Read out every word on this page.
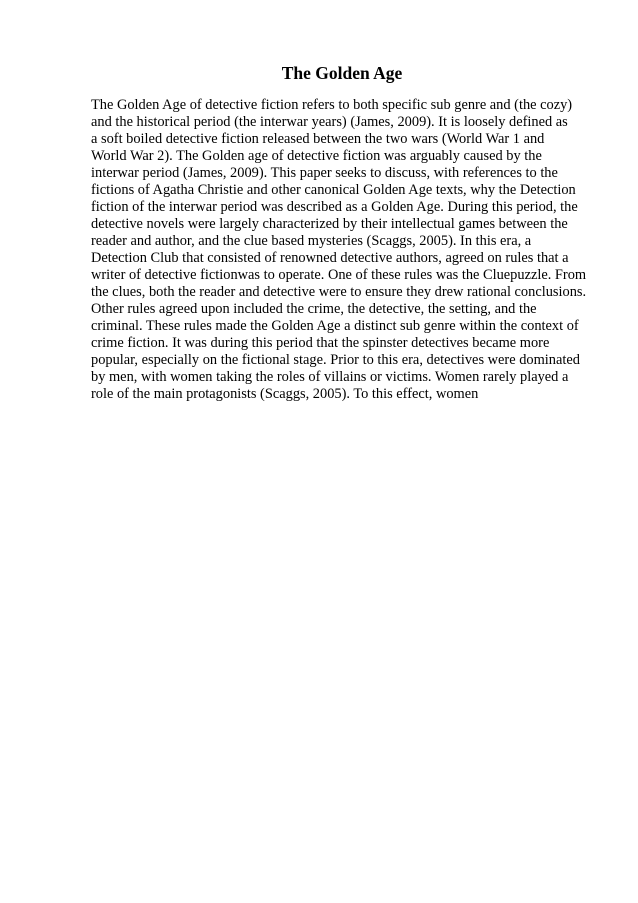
The Golden Age

The Golden Age of detective fiction refers to both specific sub genre and (the cozy)
and the historical period (the interwar years) (James, 2009). It is loosely defined as
a soft boiled detective fiction released between the two wars (World War 1 and
World War 2). The Golden age of detective fiction was arguably caused by the
interwar period (James, 2009). This paper seeks to discuss, with references to the
fictions of Agatha Christie and other canonical Golden Age texts, why the Detection
fiction of the interwar period was described as a Golden Age. During this period, the
detective novels were largely characterized by their intellectual games between the
reader and author, and the clue based mysteries (Scaggs, 2005). In this era, a
Detection Club that consisted of renowned detective authors, agreed on rules that a
writer of detective fictionwas to operate. One of these rules was the Cluepuzzle. From
the clues, both the reader and detective were to ensure they drew rational conclusions.
Other rules agreed upon included the crime, the detective, the setting, and the
criminal. These rules made the Golden Age a distinct sub genre within the context of
crime fiction. It was during this period that the spinster detectives became more
popular, especially on the fictional stage. Prior to this era, detectives were dominated
by men, with women taking the roles of villains or victims. Women rarely played a
role of the main protagonists (Scaggs, 2005). To this effect, women
